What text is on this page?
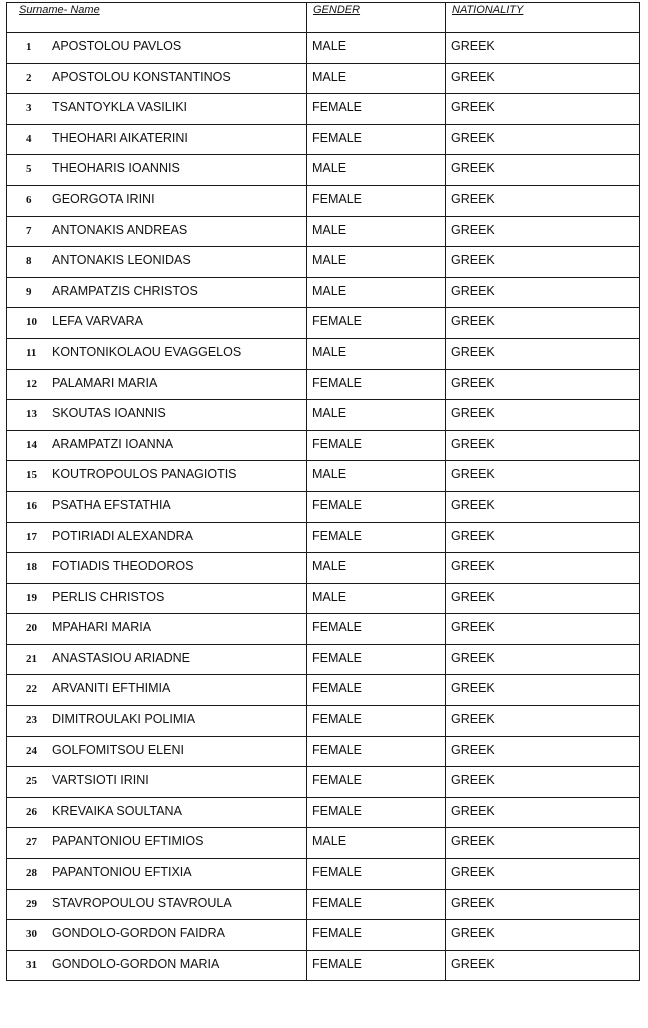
Surname- Name	GENDER	NATIONALITY

1 APOSTOLOU PAVLOS	MALE	GREEK

2 APOSTOLOU KONSTANTINOS	MALE	GREEK

3 TSANTOYKLA VASILIKI	FEMALE	GREEK

4 THEOHARI AIKATERINI	FEMALE	GREEK

5 THEOHARIS IOANNIS	MALE	GREEK

6 GEORGOTA IRINI	FEMALE	GREEK

7 ANTONAKIS ANDREAS	MALE	GREEK

8 ANTONAKIS LEONIDAS	MALE	GREEK

9 ARAMPATZIS CHRISTOS	MALE	GREEK

10 LEFA VARVARA	FEMALE	GREEK

11 KONTONIKOLAOU EVAGGELOS	MALE	GREEK

12 PALAMARI MARIA	FEMALE	GREEK

13 SKOUTAS IOANNIS	MALE	GREEK

14 ARAMPATZI IOANNA	FEMALE	GREEK

15 KOUTROPOULOS PANAGIOTIS	MALE	GREEK

16 PSATHA EFSTATHIA	FEMALE	GREEK

17 POTIRIADI ALEXANDRA	FEMALE	GREEK

18 FOTIADIS THEODOROS	MALE	GREEK

19 PERLIS CHRISTOS	MALE	GREEK

20 MPAHARI MARIA	FEMALE	GREEK

21 ANASTASIOU ARIADNE	FEMALE	GREEK

22 ARVANITI EFTHIMIA	FEMALE	GREEK

23 DIMITROULAKI POLIMIA	FEMALE	GREEK

24 GOLFOMITSOU ELENI	FEMALE	GREEK

25 VARTSIOTI IRINI	FEMALE	GREEK

26 KREVAIKA SOULTANA	FEMALE	GREEK

27 PAPANTONIOU EFTIMIOS	MALE	GREEK

28 PAPANTONIOU EFTIXIA	FEMALE	GREEK

29 STAVROPOULOU STAVROULA	FEMALE	GREEK

30 GONDOLO-GORDON FAIDRA	FEMALE	GREEK

31 GONDOLO-GORDON MARIA	FEMALE	GREEK
